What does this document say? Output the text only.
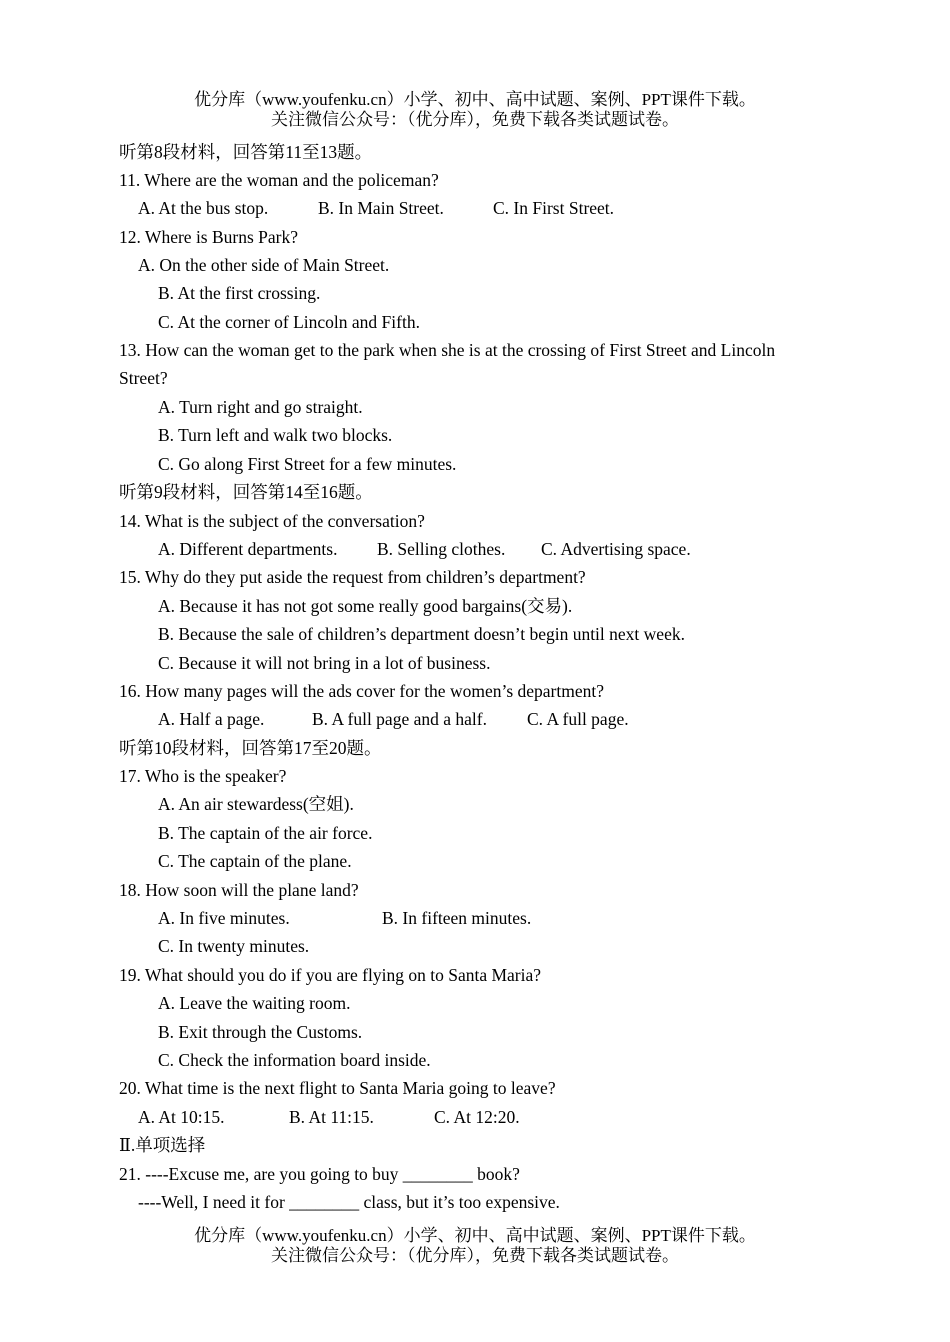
优分库（www.youfenku.cn）小学、初中、高中试题、案例、PPT课件下载。
关注微信公众号：（优分库），免费下载各类试题试卷。
听第8段材料，回答第11至13题。
11. Where are the woman and the policeman?
A. At the bus stop.	B. In Main Street.	C. In First Street.
12. Where is Burns Park?
A. On the other side of Main Street.
B. At the first crossing.
C. At the corner of Lincoln and Fifth.
13. How can the woman get to the park when she is at the crossing of First Street and Lincoln
Street?
A. Turn right and go straight.
B. Turn left and walk two blocks.
C. Go along First Street for a few minutes.
听第9段材料，回答第14至16题。
14. What is the subject of the conversation?
A. Different departments. B. Selling clothes. C. Advertising space.
15. Why do they put aside the request from children’s department?
A. Because it has not got some really good bargains(交易).
B. Because the sale of children’s department doesn’t begin until next week.
C. Because it will not bring in a lot of business.
16. How many pages will the ads cover for the women’s department?
A. Half a page.	B. A full page and a half. C. A full page.
听第10段材料，回答第17至20题。
17. Who is the speaker?
A. An air stewardess(空姐).
B. The captain of the air force.
C. The captain of the plane.
18. How soon will the plane land?
A. In five minutes.	B. In fifteen minutes.
C. In twenty minutes.
19. What should you do if you are flying on to Santa Maria?
A. Leave the waiting room.
B. Exit through the Customs.
C. Check the information board inside.
20. What time is the next flight to Santa Maria going to leave?
A. At 10:15.	B. At 11:15.	C. At 12:20.
Ⅱ.单项选择
21. ----Excuse me, are you going to buy ________ book?
----Well, I need it for ________ class, but it’s too expensive.
优分库（www.youfenku.cn）小学、初中、高中试题、案例、PPT课件下载。
关注微信公众号：（优分库），免费下载各类试题试卷。
